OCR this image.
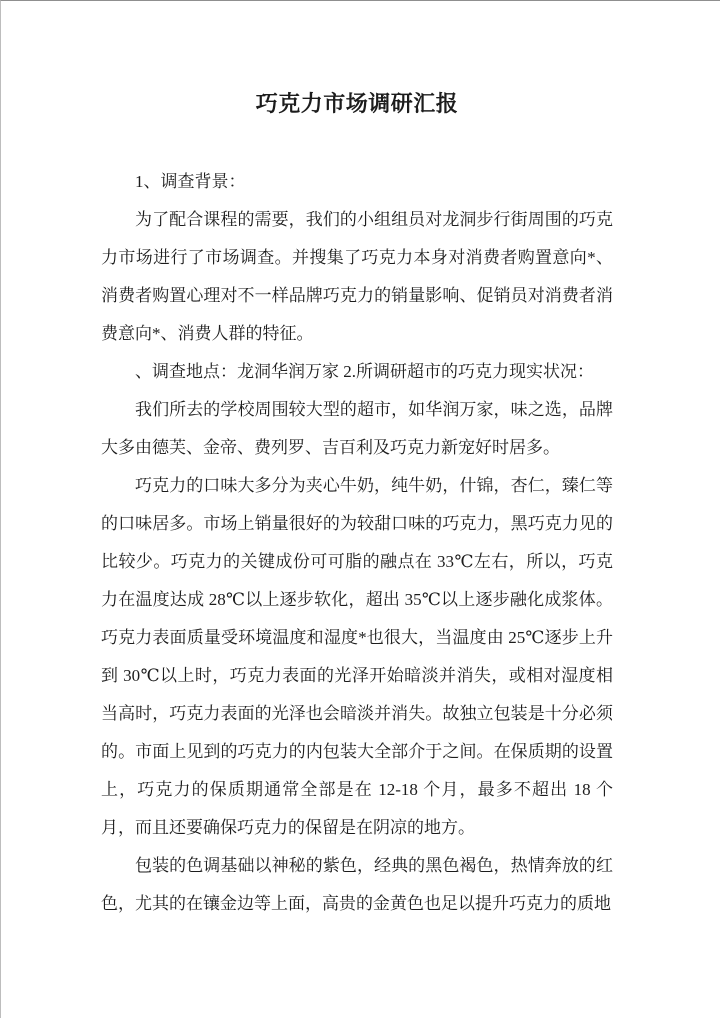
巧克力市场调研汇报

1、调查背景：

为了配合课程的需要，我们的小组组员对龙洞步行街周围的巧克力市场进行了市场调查。并搜集了巧克力本身对消费者购置意向*、消费者购置心理对不一样品牌巧克力的销量影响、促销员对消费者消费意向*、消费人群的特征。

、调查地点：龙洞华润万家 2.所调研超市的巧克力现实状况：

我们所去的学校周围较大型的超市，如华润万家，味之选，品牌大多由德芙、金帝、费列罗、吉百利及巧克力新宠好时居多。

巧克力的口味大多分为夹心牛奶，纯牛奶，什锦，杏仁，臻仁等的口味居多。市场上销量很好的为较甜口味的巧克力，黑巧克力见的比较少。巧克力的关键成份可可脂的融点在 33℃左右，所以，巧克力在温度达成 28℃以上逐步软化，超出 35℃以上逐步融化成浆体。巧克力表面质量受环境温度和湿度*也很大，当温度由 25℃逐步上升到 30℃以上时，巧克力表面的光泽开始暗淡并消失，或相对湿度相当高时，巧克力表面的光泽也会暗淡并消失。故独立包装是十分必须的。市面上见到的巧克力的内包装大全部介于之间。在保质期的设置上，巧克力的保质期通常全部是在 12-18 个月，最多不超出 18 个月，而且还要确保巧克力的保留是在阴凉的地方。

包装的色调基础以神秘的紫色，经典的黑色褐色，热情奔放的红色，尤其的在镶金边等上面，高贵的金黄色也足以提升巧克力的质地
